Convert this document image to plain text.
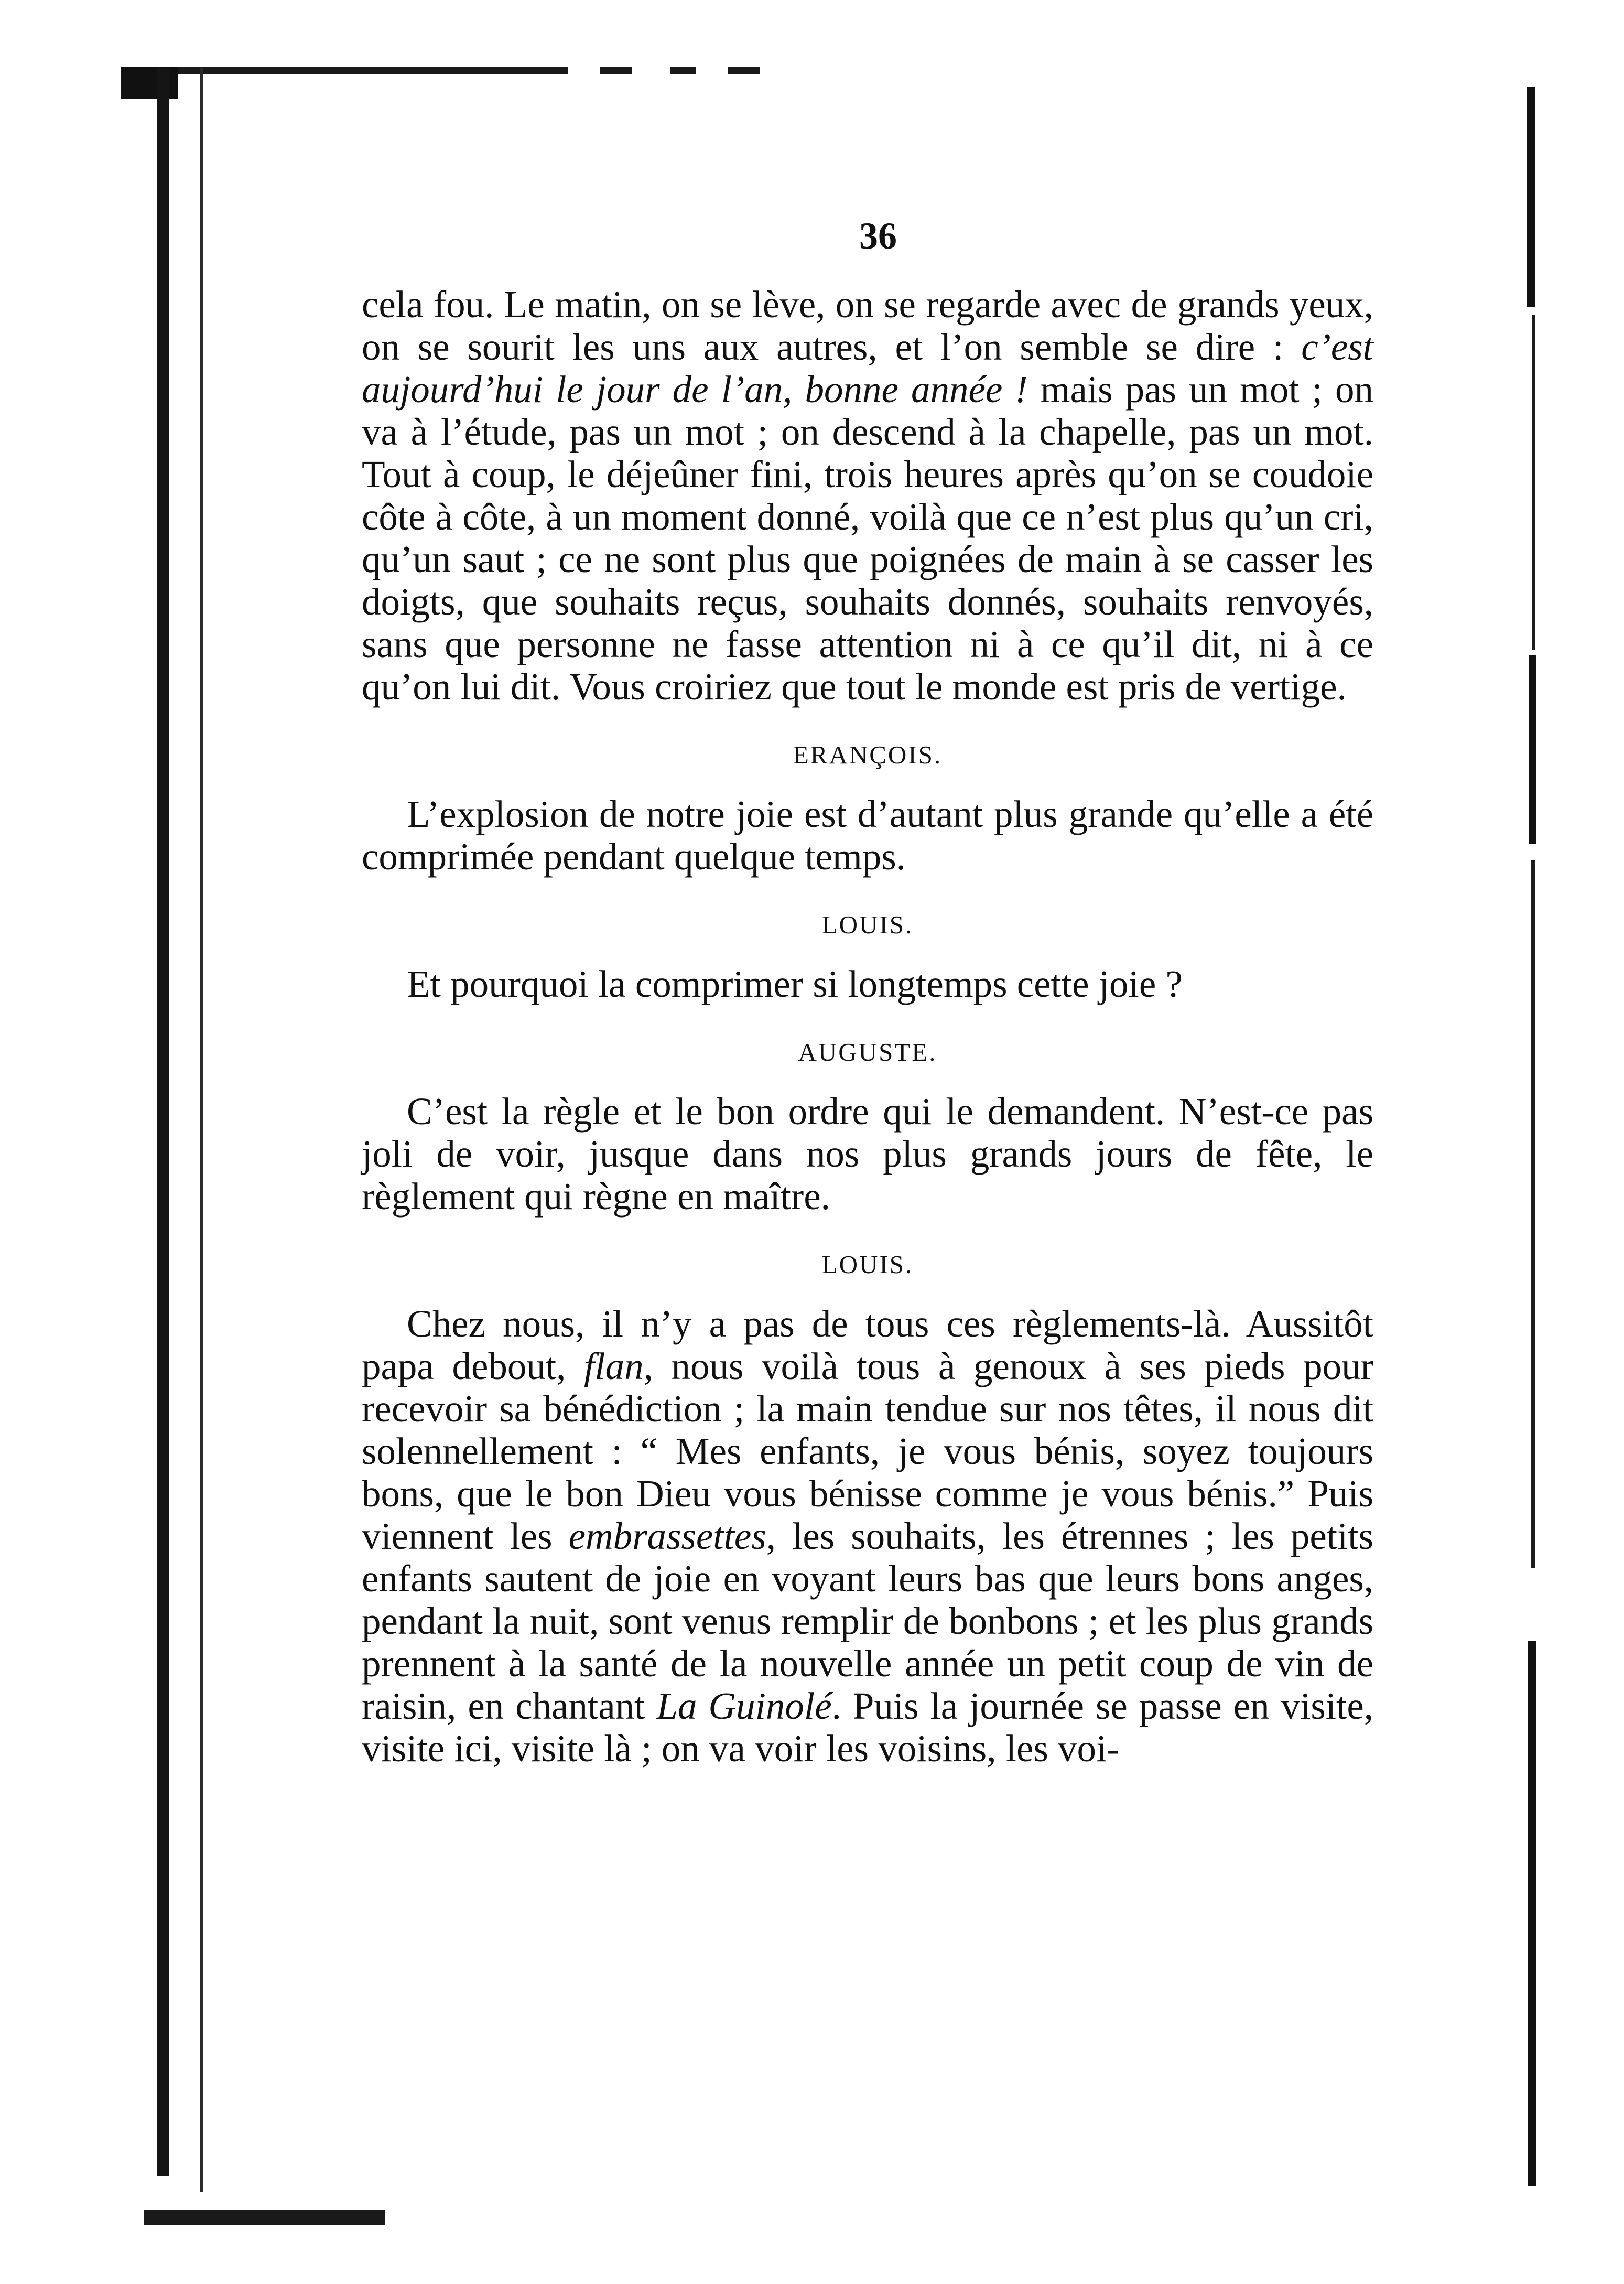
36

cela fou. Le matin, on se lève, on se regarde avec de grands yeux, on se sourit les uns aux autres, et l’on semble se dire : c’est aujourd’hui le jour de l’an, bonne année ! mais pas un mot ; on va à l’étude, pas un mot ; on descend à la chapelle, pas un mot. Tout à coup, le déjeûner fini, trois heures après qu’on se coudoie côte à côte, à un moment donné, voilà que ce n’est plus qu’un cri, qu’un saut ; ce ne sont plus que poignées de main à se casser les doigts, que souhaits reçus, souhaits donnés, souhaits renvoyés, sans que personne ne fasse attention ni à ce qu’il dit, ni à ce qu’on lui dit. Vous croiriez que tout le monde est pris de vertige.

ERANÇOIS.

L’explosion de notre joie est d’autant plus grande qu’elle a été comprimée pendant quelque temps.

LOUIS.

Et pourquoi la comprimer si longtemps cette joie ?

AUGUSTE.

C’est la règle et le bon ordre qui le demandent. N’est-ce pas joli de voir, jusque dans nos plus grands jours de fête, le règlement qui règne en maître.

LOUIS.

Chez nous, il n’y a pas de tous ces règlements-là. Aussitôt papa debout, flan, nous voilà tous à genoux à ses pieds pour recevoir sa bénédiction ; la main tendue sur nos têtes, il nous dit solennellement : “ Mes enfants, je vous bénis, soyez toujours bons, que le bon Dieu vous bénisse comme je vous bénis.” Puis viennent les embrassettes, les souhaits, les étrennes ; les petits enfants sautent de joie en voyant leurs bas que leurs bons anges, pendant la nuit, sont venus remplir de bonbons ; et les plus grands prennent à la santé de la nouvelle année un petit coup de vin de raisin, en chantant La Guinolé. Puis la journée se passe en visite, visite ici, visite là ; on va voir les voisins, les voi-
